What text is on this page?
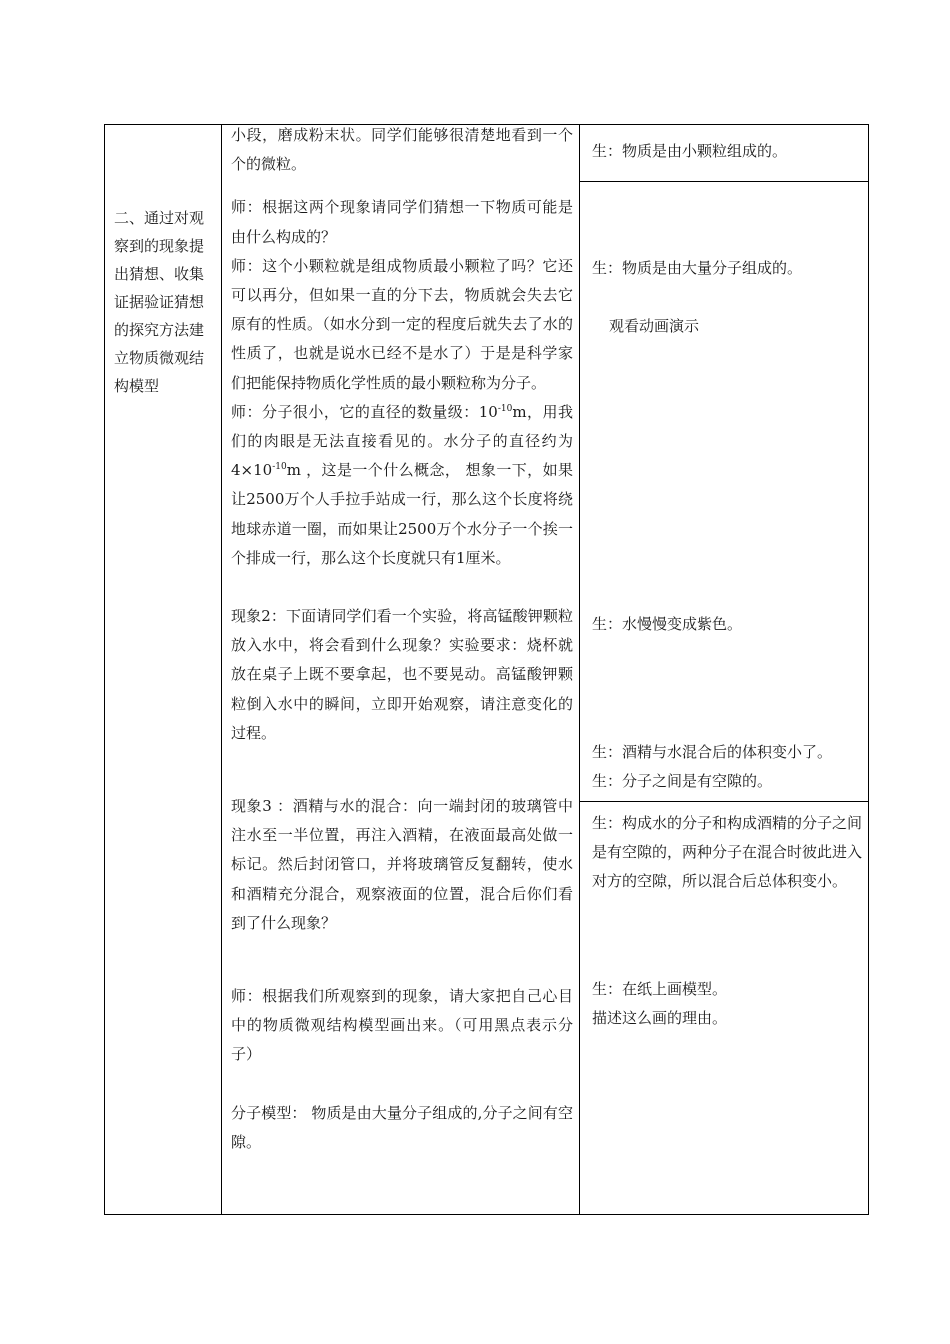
二、通过对观察到的现象提出猜想、收集证据验证猜想的探究方法建立物质微观结构模型

小段，磨成粉末状。同学们能够很清楚地看到一个个的微粒。

师：根据这两个现象请同学们猜想一下物质可能是由什么构成的？

师：这个小颗粒就是组成物质最小颗粒了吗？它还可以再分，但如果一直的分下去，物质就会失去它原有的性质。（如水分到一定的程度后就失去了水的性质了，也就是说水已经不是水了）于是是科学家们把能保持物质化学性质的最小颗粒称为分子。

师：分子很小，它的直径的数量级：$10^{-10}m$，用我们的肉眼是无法直接看见的。水分子的直径约为$4\times 10^{-10}m$ ，这是一个什么概念， 想象一下，如果让2500万个人手拉手站成一行，那么这个长度将绕地球赤道一圈，而如果让2500万个水分子一个挨一个排成一行，那么这个长度就只有1厘米。

现象2：下面请同学们看一个实验，将高锰酸钾颗粒放入水中，将会看到什么现象？实验要求：烧杯就放在桌子上既不要拿起，也不要晃动。高锰酸钾颗粒倒入水中的瞬间，立即开始观察，请注意变化的过程。

现象3 ：酒精与水的混合：向一端封闭的玻璃管中注水至一半位置，再注入酒精，在液面最高处做一标记。然后封闭管口，并将玻璃管反复翻转，使水和酒精充分混合，观察液面的位置，混合后你们看到了什么现象？

师：根据我们所观察到的现象，请大家把自己心目中的物质微观结构模型画出来。（可用黑点表示分子）

分子模型： 物质是由大量分子组成的,分子之间有空隙。

生：物质是由小颗粒组成的。

生：物质是由大量分子组成的。

观看动画演示

生：水慢慢变成紫色。

生：酒精与水混合后的体积变小了。

生：分子之间是有空隙的。

生：构成水的分子和构成酒精的分子之间是有空隙的，两种分子在混合时彼此进入对方的空隙，所以混合后总体积变小。

生：在纸上画模型。

描述这么画的理由。
